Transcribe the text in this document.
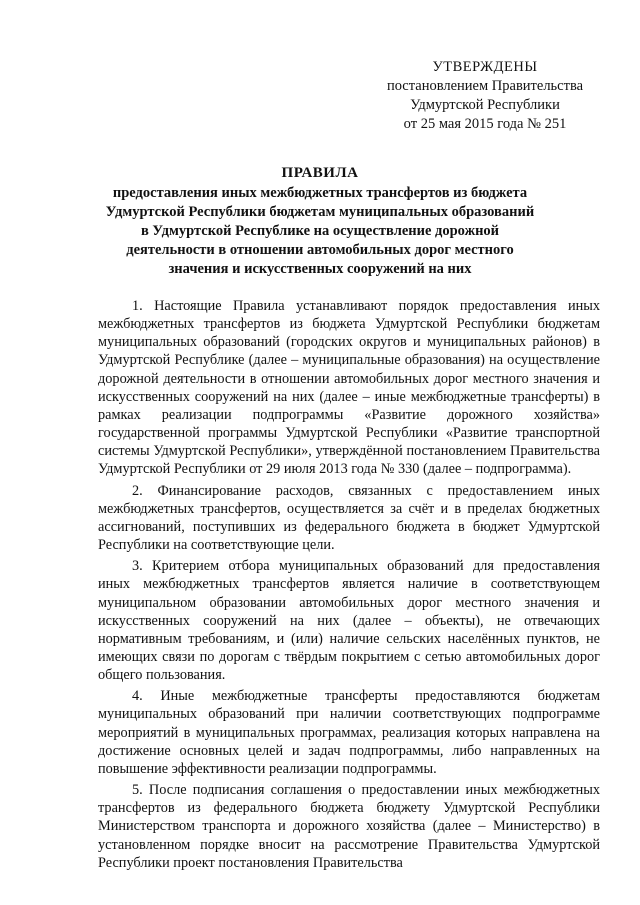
УТВЕРЖДЕНЫ
постановлением Правительства
Удмуртской Республики
от 25 мая 2015 года № 251
ПРАВИЛА
предоставления иных межбюджетных трансфертов из бюджета Удмуртской Республики бюджетам муниципальных образований в Удмуртской Республике на осуществление дорожной деятельности в отношении автомобильных дорог местного значения и искусственных сооружений на них

1. Настоящие Правила устанавливают порядок предоставления иных межбюджетных трансфертов из бюджета Удмуртской Республики бюджетам муниципальных образований (городских округов и муниципальных районов) в Удмуртской Республике (далее – муниципальные образования) на осуществление дорожной деятельности в отношении автомобильных дорог местного значения и искусственных сооружений на них (далее – иные межбюджетные трансферты) в рамках реализации подпрограммы «Развитие дорожного хозяйства» государственной программы Удмуртской Республики «Развитие транспортной системы Удмуртской Республики», утверждённой постановлением Правительства Удмуртской Республики от 29 июля 2013 года № 330 (далее – подпрограмма).

2. Финансирование расходов, связанных с предоставлением иных межбюджетных трансфертов, осуществляется за счёт и в пределах бюджетных ассигнований, поступивших из федерального бюджета в бюджет Удмуртской Республики на соответствующие цели.

3. Критерием отбора муниципальных образований для предоставления иных межбюджетных трансфертов является наличие в соответствующем муниципальном образовании автомобильных дорог местного значения и искусственных сооружений на них (далее – объекты), не отвечающих нормативным требованиям, и (или) наличие сельских населённых пунктов, не имеющих связи по дорогам с твёрдым покрытием с сетью автомобильных дорог общего пользования.

4. Иные межбюджетные трансферты предоставляются бюджетам муниципальных образований при наличии соответствующих подпрограмме мероприятий в муниципальных программах, реализация которых направлена на достижение основных целей и задач подпрограммы, либо направленных на повышение эффективности реализации подпрограммы.

5. После подписания соглашения о предоставлении иных межбюджетных трансфертов из федерального бюджета бюджету Удмуртской Республики Министерством транспорта и дорожного хозяйства (далее – Министерство) в установленном порядке вносит на рассмотрение Правительства Удмуртской Республики проект постановления Правительства
